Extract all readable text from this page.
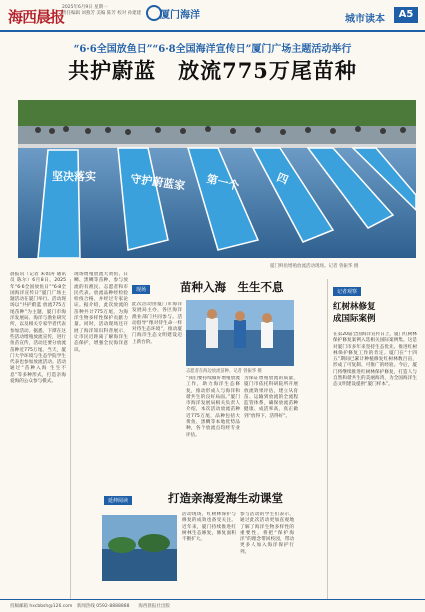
海西晨报
2025年6月9日 星期一
责任编辑 刘燕芳 美编 陈芳 校对 孙建建 厦门海洋	城市读本	A5
“6·6全国放鱼日”“6·8全国海洋宣传日”厦门广场主题活动举行
共护蔚蓝　放流775万尾苗种
坚决落实	守护蔚蓝家 第一个	四
厦门鲜鱼增殖放流活动现场。记者 曾振华 摄

晨报讯（记者 朱如涛 通讯员 陈尔）6月8日，2025年“6·6全国放鱼日”“6·8全国海洋宣传日”厦门广场主题活动在厦门举行。活动现场以“共护蔚蓝 放流775万尾苗种”为主题，厦门市海洋发展局、海洋与渔业研究所，以及相关专家学者代表参加活动。据悉，下潭在这些活动增殖放流宣传，进行鱼苗宣传，活动还要分放流苗种近775万尾。当天，厦门大学环境与生态学院学生代表也参加放流活动。活动通过“苗种入海 生生不息”等多种形式，打造亲海爱海的公众参与模式。

现场增殖放流大黄鱼、日鲷、黑鲷等苗种，参与放流的有渔民、志愿者和市民代表。放流品种经检验检疫合格，并经过专家论证。据介绍，此次放流的苗种共计775万尾，为海洋生物多样性保护贡献力量。同时，活动现场还开展了海洋知识科普展示，让市民近距离了解海洋生态保护，增强全民海洋意识。

现场	苗种入海　生生不息

此次活动由厦门市海洋发展局主办，各区海洋渔业部门共同参与。活动倡导“像对待生命一样对待生态环境”，推动厦门海洋生态文明建设迈上新台阶。

志愿者在海边放流苗种。记者 曾振华 摄

“我们要持续做好增殖放流工作，助力海洋生态修复，推动形成人与海洋和谐共生的良好局面。”厦门市海洋发展局相关负责人介绍，本次活动放流苗种近775万尾，品种包括大黄鱼、黑鲷等本地优势品种，各个放流点均经专业评估。

为保证增殖放流的质量，厦门市依托科研院所开展放流效果评估，建立从育苗、运输到放流的全流程监管体系，确保放流苗种健康、成活率高，真正做到“放得下、活得好”。

延伸阅读	打造亲海爱海生动课堂

活动现场，红树林保护与修复的成效也备受关注。近年来，厦门持续推进红树林生态修复，修复面积不断扩大。

参与活动的学生们表示，通过此次活动更加直观地了解了海洋生物多样性的重要性，将把“保护海洋”的理念带回校园，带动更多人加入海洋保护行列。

记者观察
红树林修复
成国际案例

在第20届全国海洋宣传日上，厦门红树林保护修复案例入选相关国际案例集。这是对厦门市多年来坚持生态优先、推进红树林保护修复工作的肯定。厦门在“十四五”期间已累计种植修复红树林数百亩，形成了可复制、可推广的经验。今后，厦门将继续推进红树林保护修复，打造人与自然和谐共生的美丽海湾，为全国海洋生态文明建设提供“厦门样本”。

投稿邮箱 hxcbbsh@126.com　新闻热线 0592-8888888　　海西晨报社出版
